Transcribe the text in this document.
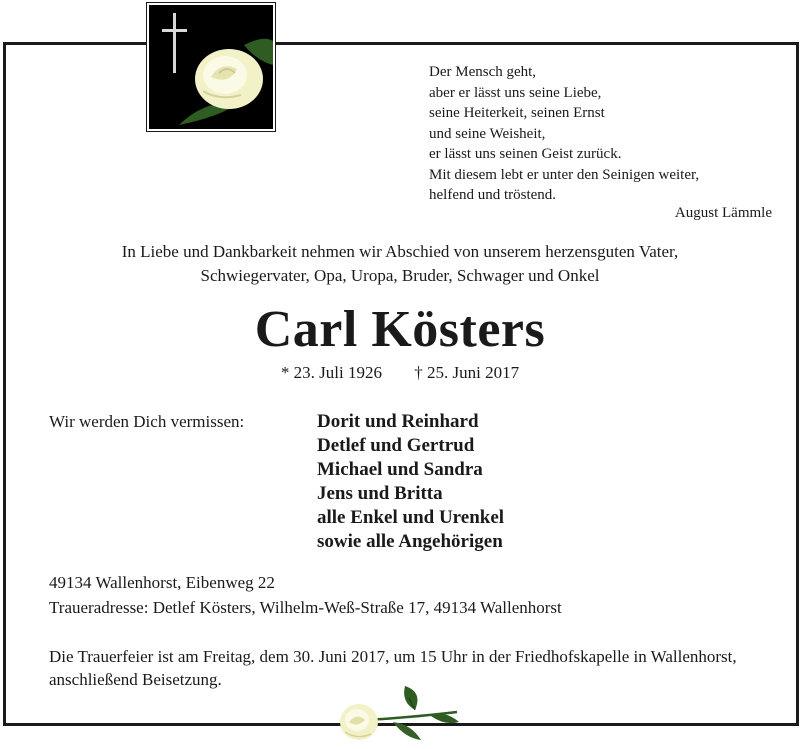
Der Mensch geht,
aber er lässt uns seine Liebe,
seine Heiterkeit, seinen Ernst
und seine Weisheit,
er lässt uns seinen Geist zurück.
Mit diesem lebt er unter den Seinigen weiter,
helfend und tröstend.
August Lämmle
In Liebe und Dankbarkeit nehmen wir Abschied von unserem herzensguten Vater,
Schwiegervater, Opa, Uropa, Bruder, Schwager und Onkel
Carl Kösters
* 23. Juli 1926 † 25. Juni 2017
Wir werden Dich vermissen:	Dorit und Reinhard
Detlef und Gertrud
Michael und Sandra
Jens und Britta
alle Enkel und Urenkel
sowie alle Angehörigen
49134 Wallenhorst, Eibenweg 22
Traueradresse: Detlef Kösters, Wilhelm-Weß-Straße 17, 49134 Wallenhorst
Die Trauerfeier ist am Freitag, dem 30. Juni 2017, um 15 Uhr in der Friedhofskapelle in Wallenhorst, anschließend Beisetzung.
